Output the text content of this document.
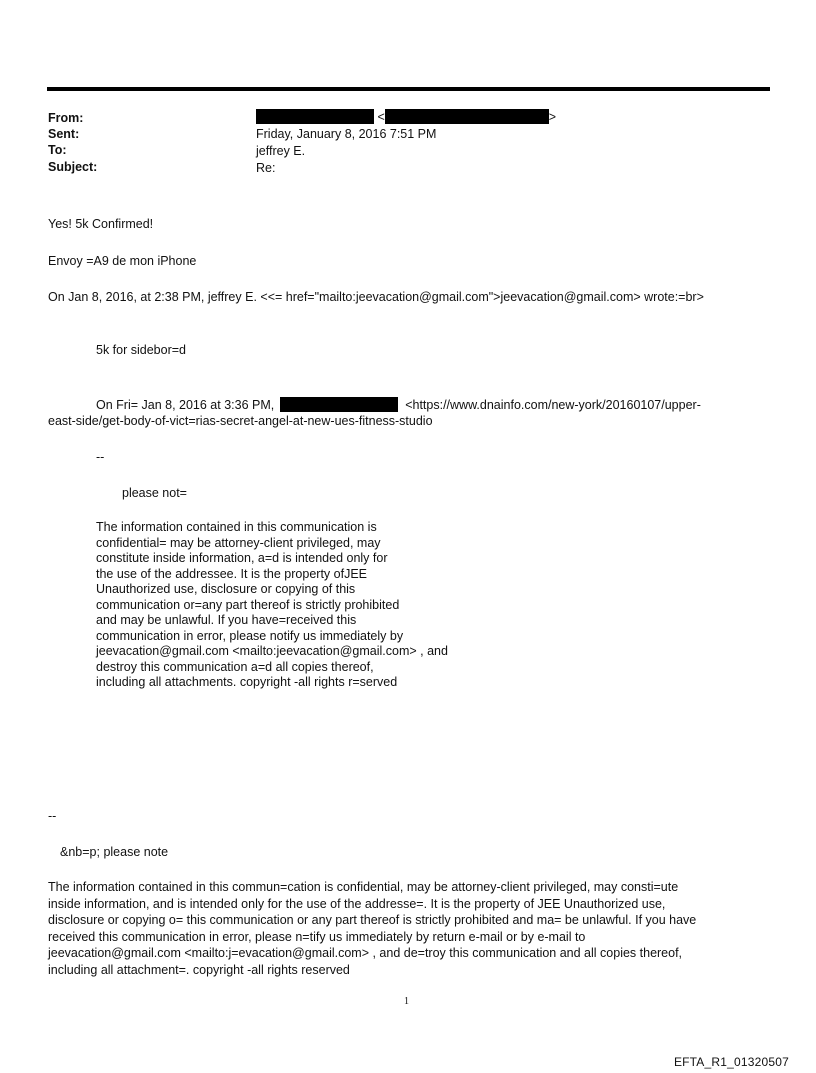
From:
Sent:
To:
Subject:
<	>
Friday, January 8, 2016 7:51 PM
jeffrey E.
Re:
Yes! 5k Confirmed!
Envoy =A9 de mon iPhone
On Jan 8, 2016, at 2:38 PM, jeffrey E. <<= href="mailto:jeevacation@gmail.com">jeevacation@gmail.com> wrote:=br>
5k for sidebor=d
On Fri= Jan 8, 2016 at 3:36 PM,	<https://www.dnainfo.com/new-york/20160107/upper-
east-side/get-body-of-vict=rias-secret-angel-at-new-ues-fitness-studio
--
please not=
The information contained in this communication is
confidential= may be attorney-client privileged, may
constitute inside information, a=d is intended only for
the use of the addressee. It is the property ofJEE
Unauthorized use, disclosure or copying of this
communication or=any part thereof is strictly prohibited
and may be unlawful. If you have=received this
communication in error, please notify us immediately by
jeevacation@gmail.com <mailto:jeevacation@gmail.com> , and
destroy this communication a=d all copies thereof,
including all attachments. copyright -all rights r=served
--
&nb=p; please note
The information contained in this commun=cation is confidential, may be attorney-client privileged, may consti=ute
inside information, and is intended only for the use of the addresse=. It is the property of JEE Unauthorized use,
disclosure or copying o= this communication or any part thereof is strictly prohibited and ma= be unlawful. If you have
received this communication in error, please n=tify us immediately by return e-mail or by e-mail to
jeevacation@gmail.com <mailto:j=evacation@gmail.com> , and de=troy this communication and all copies thereof,
including all attachment=. copyright -all rights reserved
1
EFTA_R1_01320507
